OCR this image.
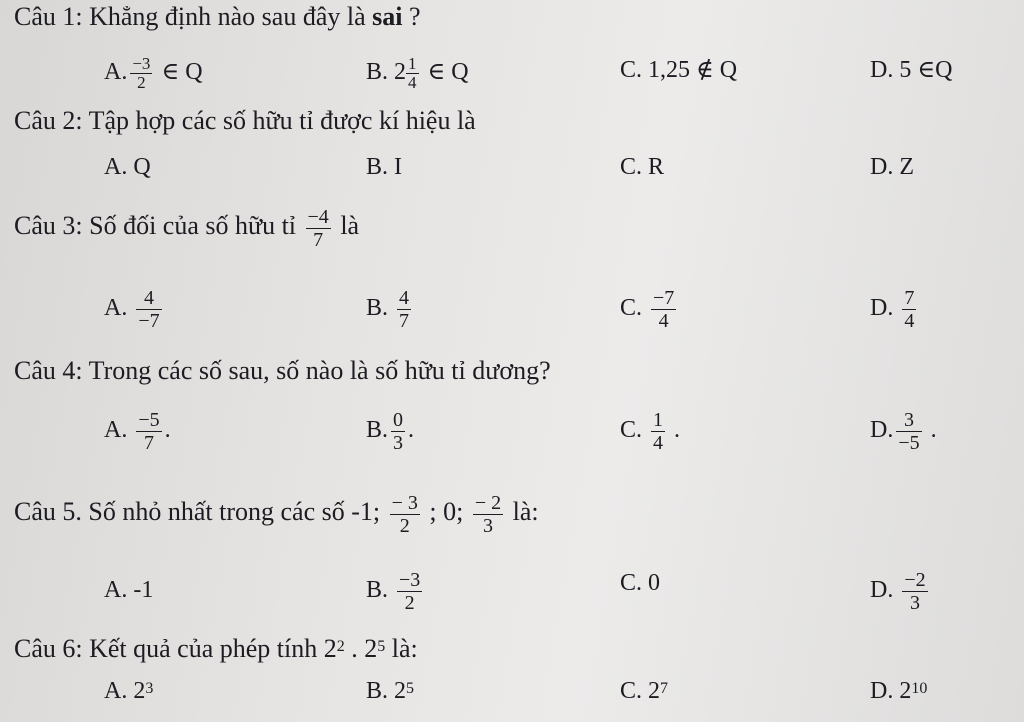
Câu 1: Khẳng định nào sau đây là sai ?
A. $\frac{-3}{2}$ ∈ Q	B. $2 \frac{1}{4}$ ∈ Q	C. 1,25 ∉ Q	D. 5 ∈Q
Câu 2: Tập hợp các số hữu tỉ được kí hiệu là
A. Q	B. I	C. R	D. Z
Câu 3: Số đối của số hữu tỉ $\frac{-4}{7}$ là
A. $\frac{4}{-7}$	B. $\frac{4}{7}$	C. $\frac{-7}{4}$	D. $\frac{7}{4}$
Câu 4: Trong các số sau, số nào là số hữu tỉ dương?
A. $\frac{-5}{7}$ .	B. $\frac{0}{3}$ .	C. $\frac{1}{4}$ .	D. $\frac{3}{-5}$ .
Câu 5. Số nhỏ nhất trong các số -1; $\frac{- 3}{2}$ ; 0; $\frac{- 2}{3}$ là:
A. -1	B. $\frac{-3}{2}$	C. 0	D. $\frac{-2}{3}$
Câu 6: Kết quả của phép tính $2^2$ . $2^5$ là:
A. $2^3$	B. $2^5$	C. $2^7$	D. $2^{10}$
